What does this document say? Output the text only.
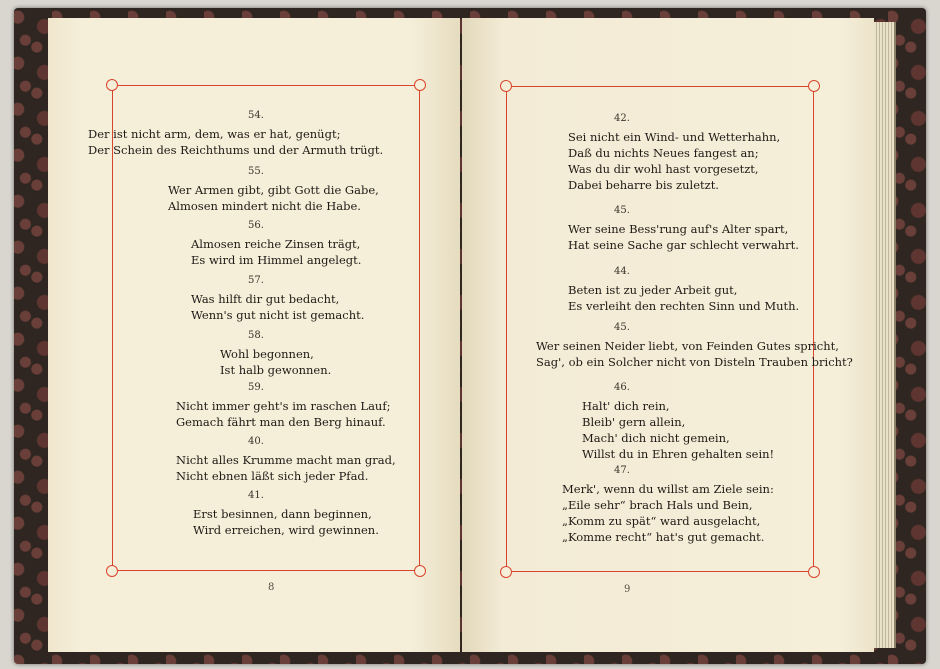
54.
Der ist nicht arm, dem, was er hat, genügt;
Der Schein des Reichthums und der Armuth trügt.
55.
Wer Armen gibt, gibt Gott die Gabe,
Almosen mindert nicht die Habe.
56.
Almosen reiche Zinsen trägt,
Es wird im Himmel angelegt.
57.
Was hilft dir gut bedacht,
Wenn's gut nicht ist gemacht.
58.
Wohl begonnen,
Ist halb gewonnen.
59.
Nicht immer geht's im raschen Lauf;
Gemach fährt man den Berg hinauf.
40.
Nicht alles Krumme macht man grad,
Nicht ebnen läßt sich jeder Pfad.
41.
Erst besinnen, dann beginnen,
Wird erreichen, wird gewinnen.
8
42.
Sei nicht ein Wind- und Wetterhahn,
Daß du nichts Neues fangest an;
Was du dir wohl hast vorgesetzt,
Dabei beharre bis zuletzt.
45.
Wer seine Bess'rung auf's Alter spart,
Hat seine Sache gar schlecht verwahrt.
44.
Beten ist zu jeder Arbeit gut,
Es verleiht den rechten Sinn und Muth.
45.
Wer seinen Neider liebt, von Feinden Gutes spricht,
Sag', ob ein Solcher nicht von Disteln Trauben bricht?
46.
Halt' dich rein,
Bleib' gern allein,
Mach' dich nicht gemein,
Willst du in Ehren gehalten sein!
47.
Merk', wenn du willst am Ziele sein:
„Eile sehr“ brach Hals und Bein,
„Komm zu spät“ ward ausgelacht,
„Komme recht“ hat's gut gemacht.
9
